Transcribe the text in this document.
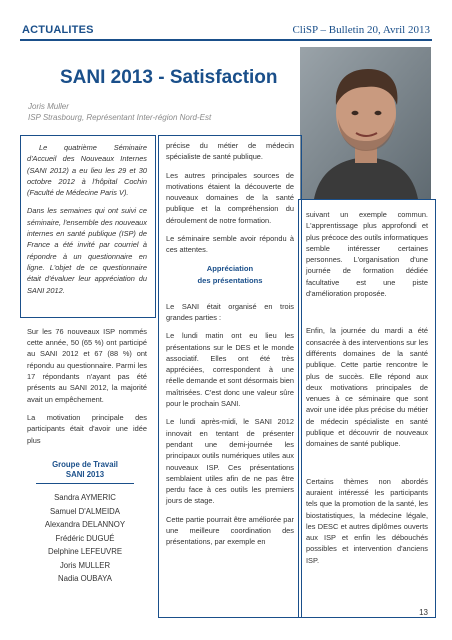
ACTUALITES	CliSP – Bulletin 20, Avril 2013
SANI 2013 - Satisfaction
Joris Muller
ISP Strasbourg, Représentant Inter-région Nord-Est

Le quatrième Séminaire d'Accueil des Nouveaux Internes (SANI 2012) a eu lieu les 29 et 30 octobre 2012 à l'hôpital Cochin (Faculté de Médecine Paris V).

Dans les semaines qui ont suivi ce séminaire, l'ensemble des nouveaux internes en santé publique (ISP) de France a été invité par courriel à répondre à un questionnaire en ligne. L'objet de ce questionnaire était d'évaluer leur appréciation du SANI 2012.

Sur les 76 nouveaux ISP nommés cette année, 50 (65 %) ont participé au SANI 2012 et 67 (88 %) ont répondu au questionnaire. Parmi les 17 répondants n'ayant pas été présents au SANI 2012, la majorité avait un empêchement.

La motivation principale des participants était d'avoir une idée plus

Groupe de Travail
SANI 2013
Sandra AYMERIC
Samuel D'ALMEIDA
Alexandra DELANNOY
Frédéric DUGUÉ
Delphine LEFEUVRE
Joris MULLER
Nadia OUBAYA

précise du métier de médecin spécialiste de santé publique.

Les autres principales sources de motivations étaient la découverte de nouveaux domaines de la santé publique et la compréhension du déroulement de notre formation.

Le séminaire semble avoir répondu à ces attentes.

Appréciation
des présentations

Le SANI était organisé en trois grandes parties :

Le lundi matin ont eu lieu les présentations sur le DES et le monde associatif. Elles ont été très appréciées, correspondent à une réelle demande et sont désormais bien maîtrisées. C'est donc une valeur sûre pour le prochain SANI.

Le lundi après-midi, le SANI 2012 innovait en tentant de présenter pendant une demi-journée les principaux outils numériques utiles aux nouveaux ISP. Ces présentations semblaient utiles afin de ne pas être perdu face à ces outils les premiers jours de stage.

Cette partie pourrait être améliorée par une meilleure coordination des présentations, par exemple en

suivant un exemple commun. L'apprentissage plus approfondi et plus précoce des outils informatiques semble intéresser certaines personnes. L'organisation d'une journée de formation dédiée facultative est une piste d'amélioration proposée.

Enfin, la journée du mardi a été consacrée à des interventions sur les différents domaines de la santé publique. Cette partie rencontre le plus de succès. Elle répond aux deux motivations principales de venues à ce séminaire que sont avoir une idée plus précise du métier de médecin spécialiste en santé publique et découvrir de nouveaux domaines de santé publique.

Certains thèmes non abordés auraient intéressé les participants tels que la promotion de la santé, les biostatistiques, la médecine légale, les DESC et autres diplômes ouverts aux ISP et enfin les débouchés possibles et intervention d'anciens ISP.

13
